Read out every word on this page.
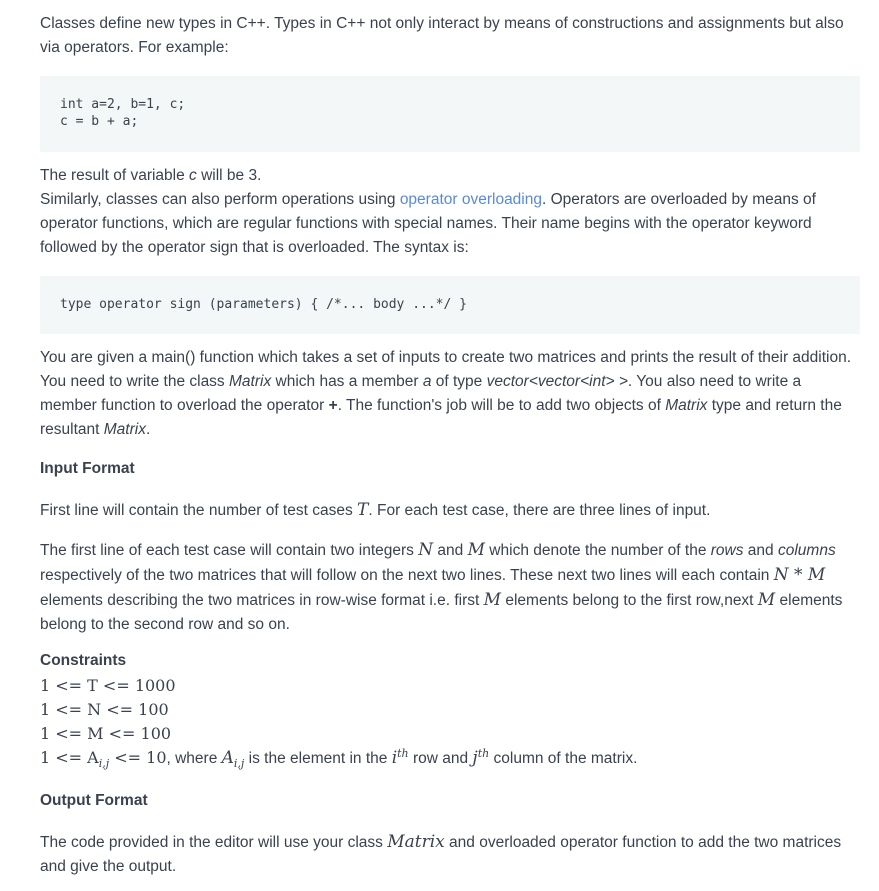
Classes define new types in C++. Types in C++ not only interact by means of constructions and assignments but also via operators. For example:

int a=2, b=1, c;
c = b + a;

The result of variable c will be 3.

Similarly, classes can also perform operations using operator overloading. Operators are overloaded by means of operator functions, which are regular functions with special names. Their name begins with the operator keyword followed by the operator sign that is overloaded. The syntax is:

type operator sign (parameters) { /*... body ...*/ }

You are given a main() function which takes a set of inputs to create two matrices and prints the result of their addition. You need to write the class Matrix which has a member a of type vector<vector<int> >. You also need to write a member function to overload the operator +. The function's job will be to add two objects of Matrix type and return the resultant Matrix.

Input Format

First line will contain the number of test cases T. For each test case, there are three lines of input.

The first line of each test case will contain two integers N and M which denote the number of the rows and columns respectively of the two matrices that will follow on the next two lines. These next two lines will each contain N * M elements describing the two matrices in row-wise format i.e. first M elements belong to the first row,next M elements belong to the second row and so on.

Constraints
1 <= T <= 1000
1 <= N <= 100
1 <= M <= 100
$1 <= A_{i,j} <= 10$, where $A_{i,j}$ is the element in the $i^{th}$ row and $j^{th}$ column of the matrix.
Output Format

The code provided in the editor will use your class Matrix and overloaded operator function to add the two matrices and give the output.
